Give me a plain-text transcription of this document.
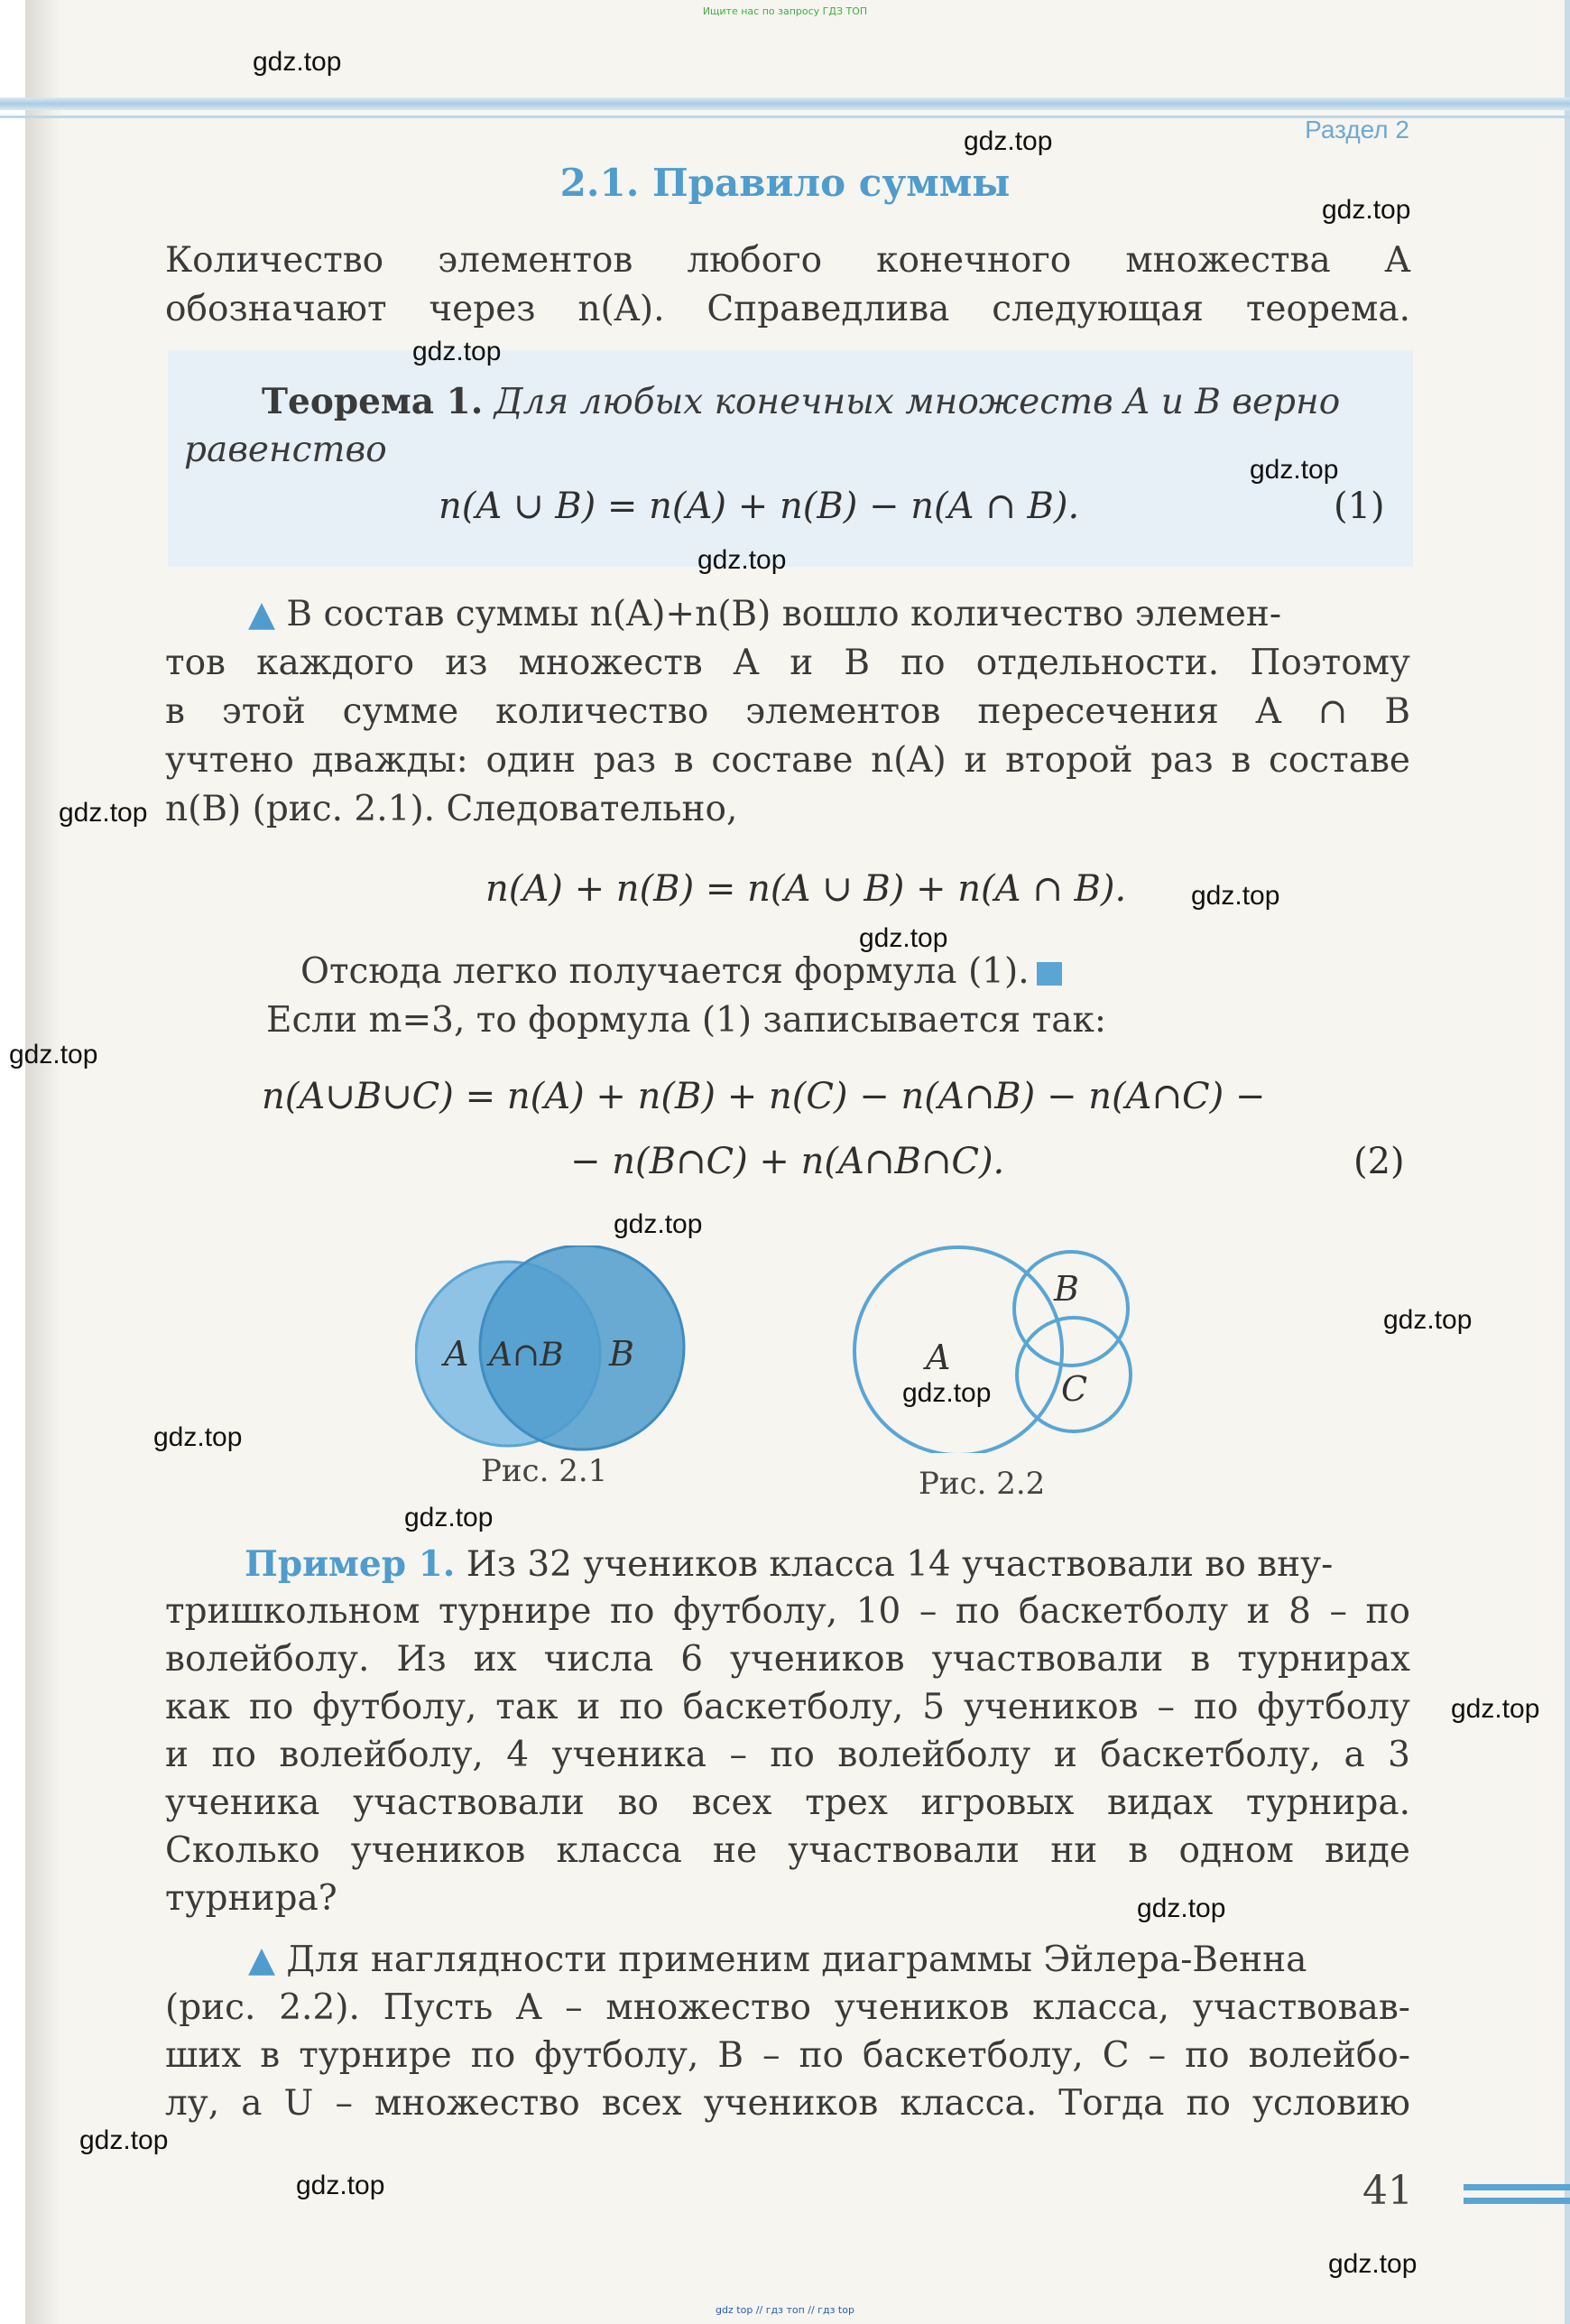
Ищите нас по запросу ГДЗ ТОП
Раздел 2
2.1. Правило суммы
Количество элементов любого конечного множества A
обозначают через n(A). Справедлива следующая теорема.
Теорема 1. Для любых конечных множеств A и B верно
равенство
n(A ∪ B) = n(A) + n(B) − n(A ∩ B).	(1)
▲ В состав суммы n(A)+n(B) вошло количество элемен-
тов каждого из множеств A и B по отдельности. Поэтому
в этой сумме количество элементов пересечения A ∩ B
учтено дважды: один раз в составе n(A) и второй раз в составе
n(B) (рис. 2.1). Следовательно,
n(A) + n(B) = n(A ∪ B) + n(A ∩ B).
Отсюда легко получается формула (1).
Если m=3, то формула (1) записывается так:
n(A∪B∪C) = n(A) + n(B) + n(C) − n(A∩B) − n(A∩C) −
− n(B∩C) + n(A∩B∩C).	(2)
A A∩B B
Рис. 2.1
A
B
C
Рис. 2.2
Пример 1. Из 32 учеников класса 14 участвовали во вну-
тришкольном турнире по футболу, 10 – по баскетболу и 8 – по
волейболу. Из их числа 6 учеников участвовали в турнирах
как по футболу, так и по баскетболу, 5 учеников – по футболу
и по волейболу, 4 ученика – по волейболу и баскетболу, а 3
ученика участвовали во всех трех игровых видах турнира.
Сколько учеников класса не участвовали ни в одном виде
турнира?
▲ Для наглядности применим диаграммы Эйлера-Венна
(рис. 2.2). Пусть A – множество учеников класса, участвовав-
ших в турнире по футболу, B – по баскетболу, C – по волейбо-
лу, а U – множество всех учеников класса. Тогда по условию
41
gdz.top
gdz.top
gdz.top
gdz.top
gdz.top
gdz.top
gdz.top
gdz.top
gdz.top
gdz.top
gdz.top
gdz.top
gdz.top
gdz.top
gdz.top
gdz.top
gdz.top
gdz.top
gdz.top
gdz.top
gdz top // гдз топ // гдз top
